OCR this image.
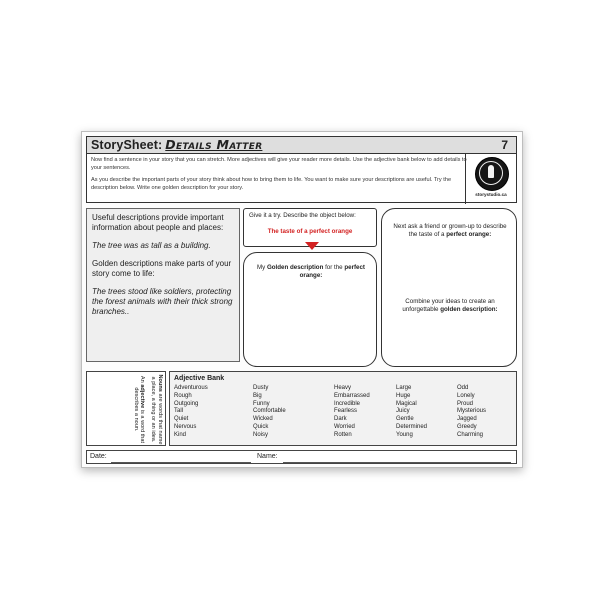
StorySheet: Details Matter	7

Now find a sentence in your story that you can stretch. More adjectives will give your reader more details. Use the adjective bank below to add details to your sentences.

As you describe the important parts of your story think about how to bring them to life. You want to make sure your descriptions are useful. Try the description below. Write one golden description for your story.

storystudio.ca

Useful descriptions provide important information about people and places:

The tree was as tall as a building.

Golden descriptions make parts of your story come to life:

The trees stood like soldiers, protecting the forest animals with their thick strong branches..

Give it a try. Describe the object below:
The taste of a perfect orange
My Golden description for the perfect orange:
Next ask a friend or grown-up to describe the taste of a perfect orange:
Combine your ideas to create an unforgettable golden description:

Nouns are words that name a place, a thing or an idea.

An adjective is a word that describes a noun.

Adjective Bank
Adventurous
Rough
Outgoing
Tall
Quiet
Nervous
Kind
Dusty
Big
Funny
Comfortable
Wicked
Quick
Noisy
Heavy
Embarrassed
Incredible
Fearless
Dark
Worried
Rotten
Large
Huge
Magical
Juicy
Gentle
Determined
Young
Odd
Lonely
Proud
Mysterious
Jagged
Greedy
Charming
Date:	Name:
